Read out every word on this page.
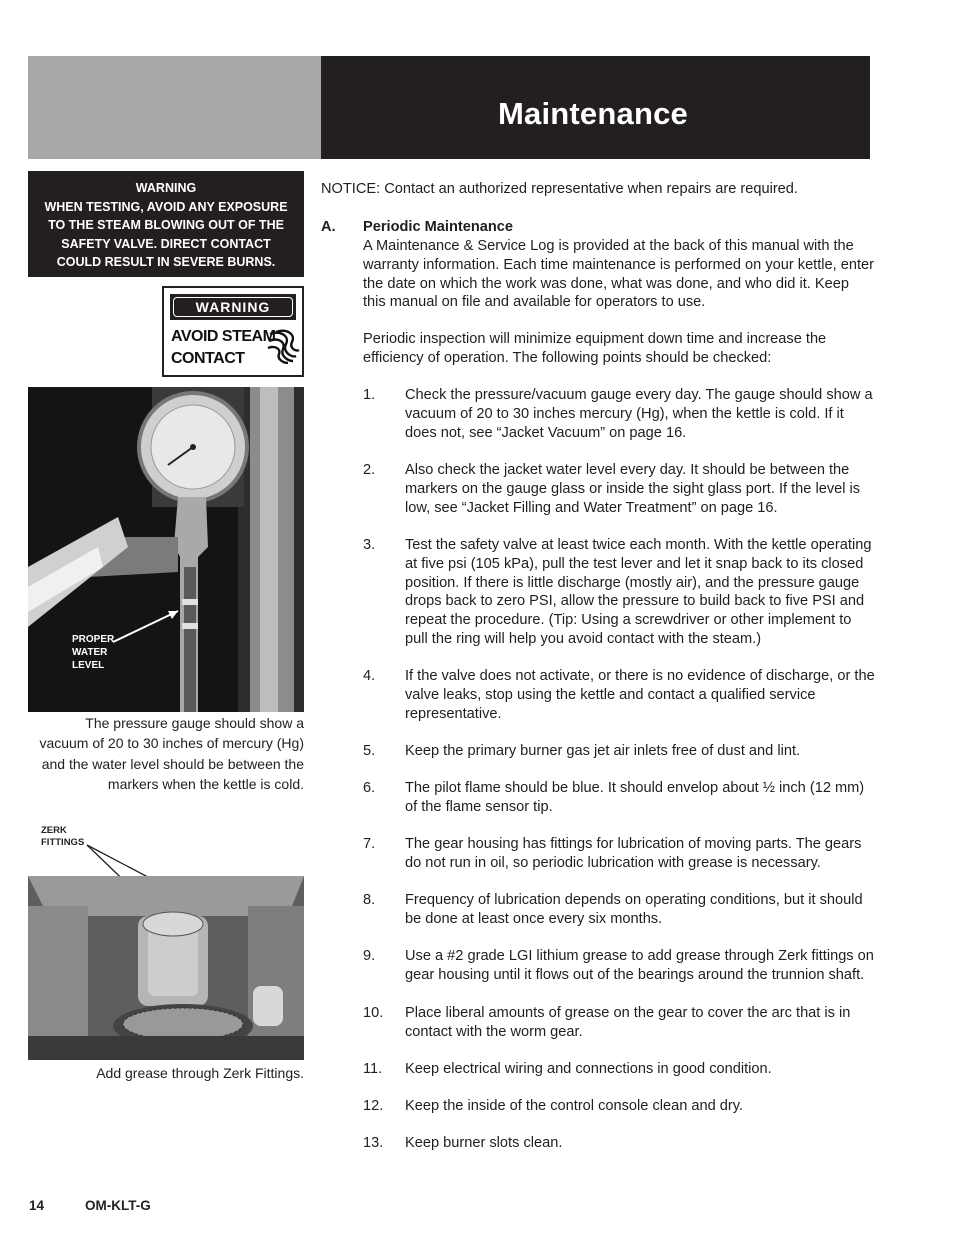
Maintenance
WARNING
WHEN TESTING, AVOID ANY EXPOSURE
TO THE STEAM BLOWING OUT OF THE
SAFETY VALVE. DIRECT CONTACT
COULD RESULT IN SEVERE BURNS.
WARNING
AVOID STEAM
CONTACT
PROPER
WATER
LEVEL
The pressure gauge should show a
vacuum of 20 to 30 inches of mercury (Hg)
and the water level should be between the
markers when the kettle is cold.
ZERK
FITTINGS
Add grease through Zerk Fittings.
NOTICE: Contact an authorized representative when repairs are required.
A. Periodic Maintenance

A Maintenance & Service Log is provided at the back of this manual with the warranty information. Each time maintenance is performed on your kettle, enter the date on which the work was done, what was done, and who did it. Keep this manual on file and available for operators to use.

Periodic inspection will minimize equipment down time and increase the efficiency of operation. The following points should be checked:

1. Check the pressure/vacuum gauge every day. The gauge should show a vacuum of 20 to 30 inches mercury (Hg), when the kettle is cold. If it does not, see “Jacket Vacuum” on page 16.
2. Also check the jacket water level every day. It should be between the markers on the gauge glass or inside the sight glass port. If the level is low, see “Jacket Filling and Water Treatment” on page 16.
3. Test the safety valve at least twice each month. With the kettle operating at five psi (105 kPa), pull the test lever and let it snap back to its closed position. If there is little discharge (mostly air), and the pressure gauge drops back to zero PSI, allow the pressure to build back to five PSI and repeat the procedure. (Tip: Using a screwdriver or other implement to pull the ring will help you avoid contact with the steam.)
4. If the valve does not activate, or there is no evidence of discharge, or the valve leaks, stop using the kettle and contact a qualified service representative.
5. Keep the primary burner gas jet air inlets free of dust and lint.
6. The pilot flame should be blue. It should envelop about ½ inch (12 mm) of the flame sensor tip.
7. The gear housing has fittings for lubrication of moving parts. The gears do not run in oil, so periodic lubrication with grease is necessary.
8. Frequency of lubrication depends on operating conditions, but it should be done at least once every six months.
9. Use a #2 grade LGI lithium grease to add grease through Zerk fittings on gear housing until it flows out of the bearings around the trunnion shaft.
10. Place liberal amounts of grease on the gear to cover the arc that is in contact with the worm gear.
11. Keep electrical wiring and connections in good condition.
12. Keep the inside of the control console clean and dry.
13. Keep burner slots clean.
14	OM-KLT-G
